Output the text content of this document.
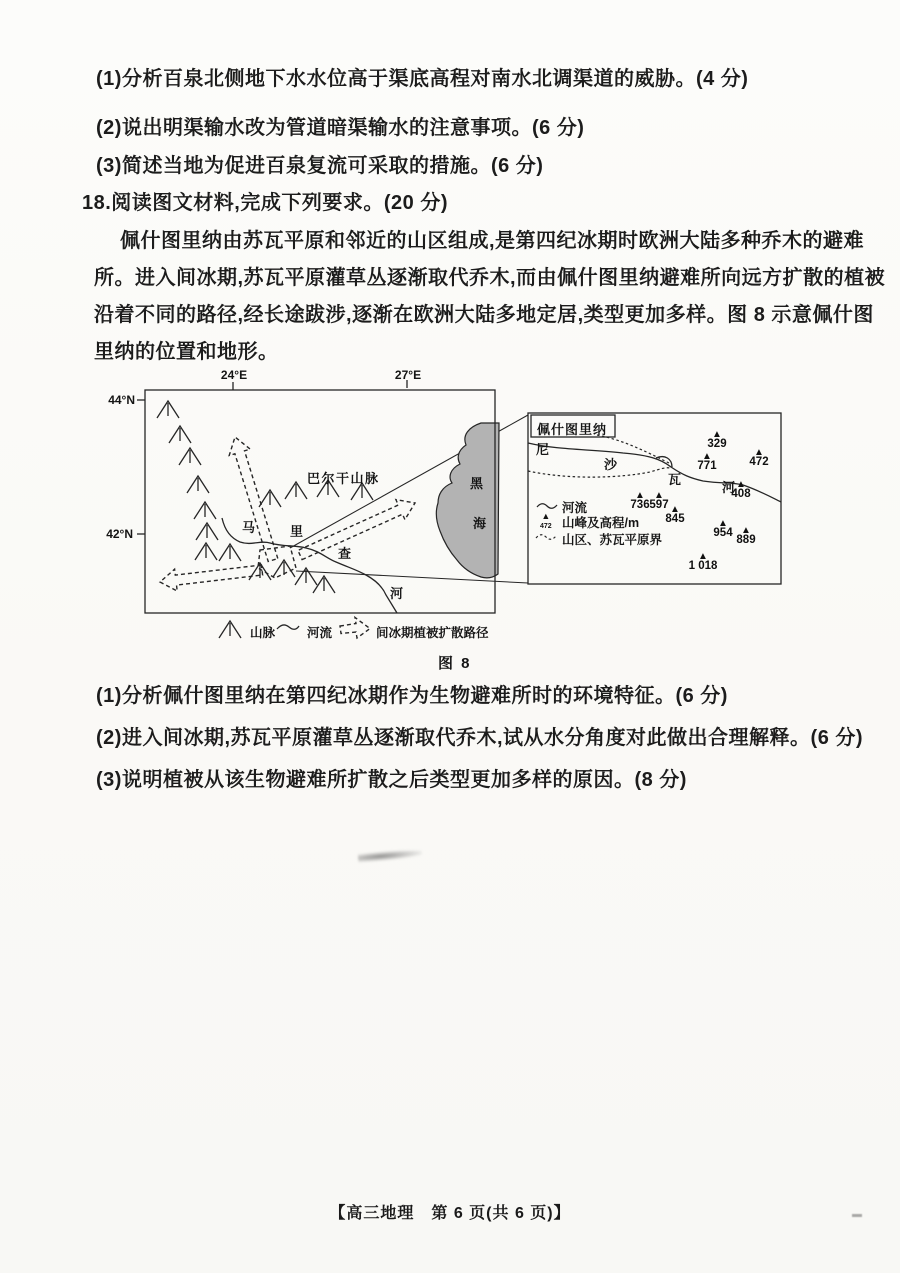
(1)分析百泉北侧地下水水位高于渠底高程对南水北调渠道的威胁。(4 分)
(2)说出明渠输水改为管道暗渠输水的注意事项。(6 分)
(3)简述当地为促进百泉复流可采取的措施。(6 分)
18.阅读图文材料,完成下列要求。(20 分)
佩什图里纳由苏瓦平原和邻近的山区组成,是第四纪冰期时欧洲大陆多种乔木的避难
所。进入间冰期,苏瓦平原灌草丛逐渐取代乔木,而由佩什图里纳避难所向远方扩散的植被
沿着不同的路径,经长途跋涉,逐渐在欧洲大陆多地定居,类型更加多样。图 8 示意佩什图
里纳的位置和地形。
24°E	27°E
44°N
42°N
巴尔干山脉
佩什图里纳
河流
▲
472 山峰及高程/m
山区、苏瓦平原界
山脉	河流	间冰期植被扩散路径
图 8
▲
329
▲
771
▲
472
▲
408
▲
736
▲
597 ▲
845	▲
954 ▲
889
▲
1 018
马	里
查
河
黑
海
尼
沙
瓦
河
(1)分析佩什图里纳在第四纪冰期作为生物避难所时的环境特征。(6 分)
(2)进入间冰期,苏瓦平原灌草丛逐渐取代乔木,试从水分角度对此做出合理解释。(6 分)
(3)说明植被从该生物避难所扩散之后类型更加多样的原因。(8 分)
【高三地理　第 6 页(共 6 页)】
